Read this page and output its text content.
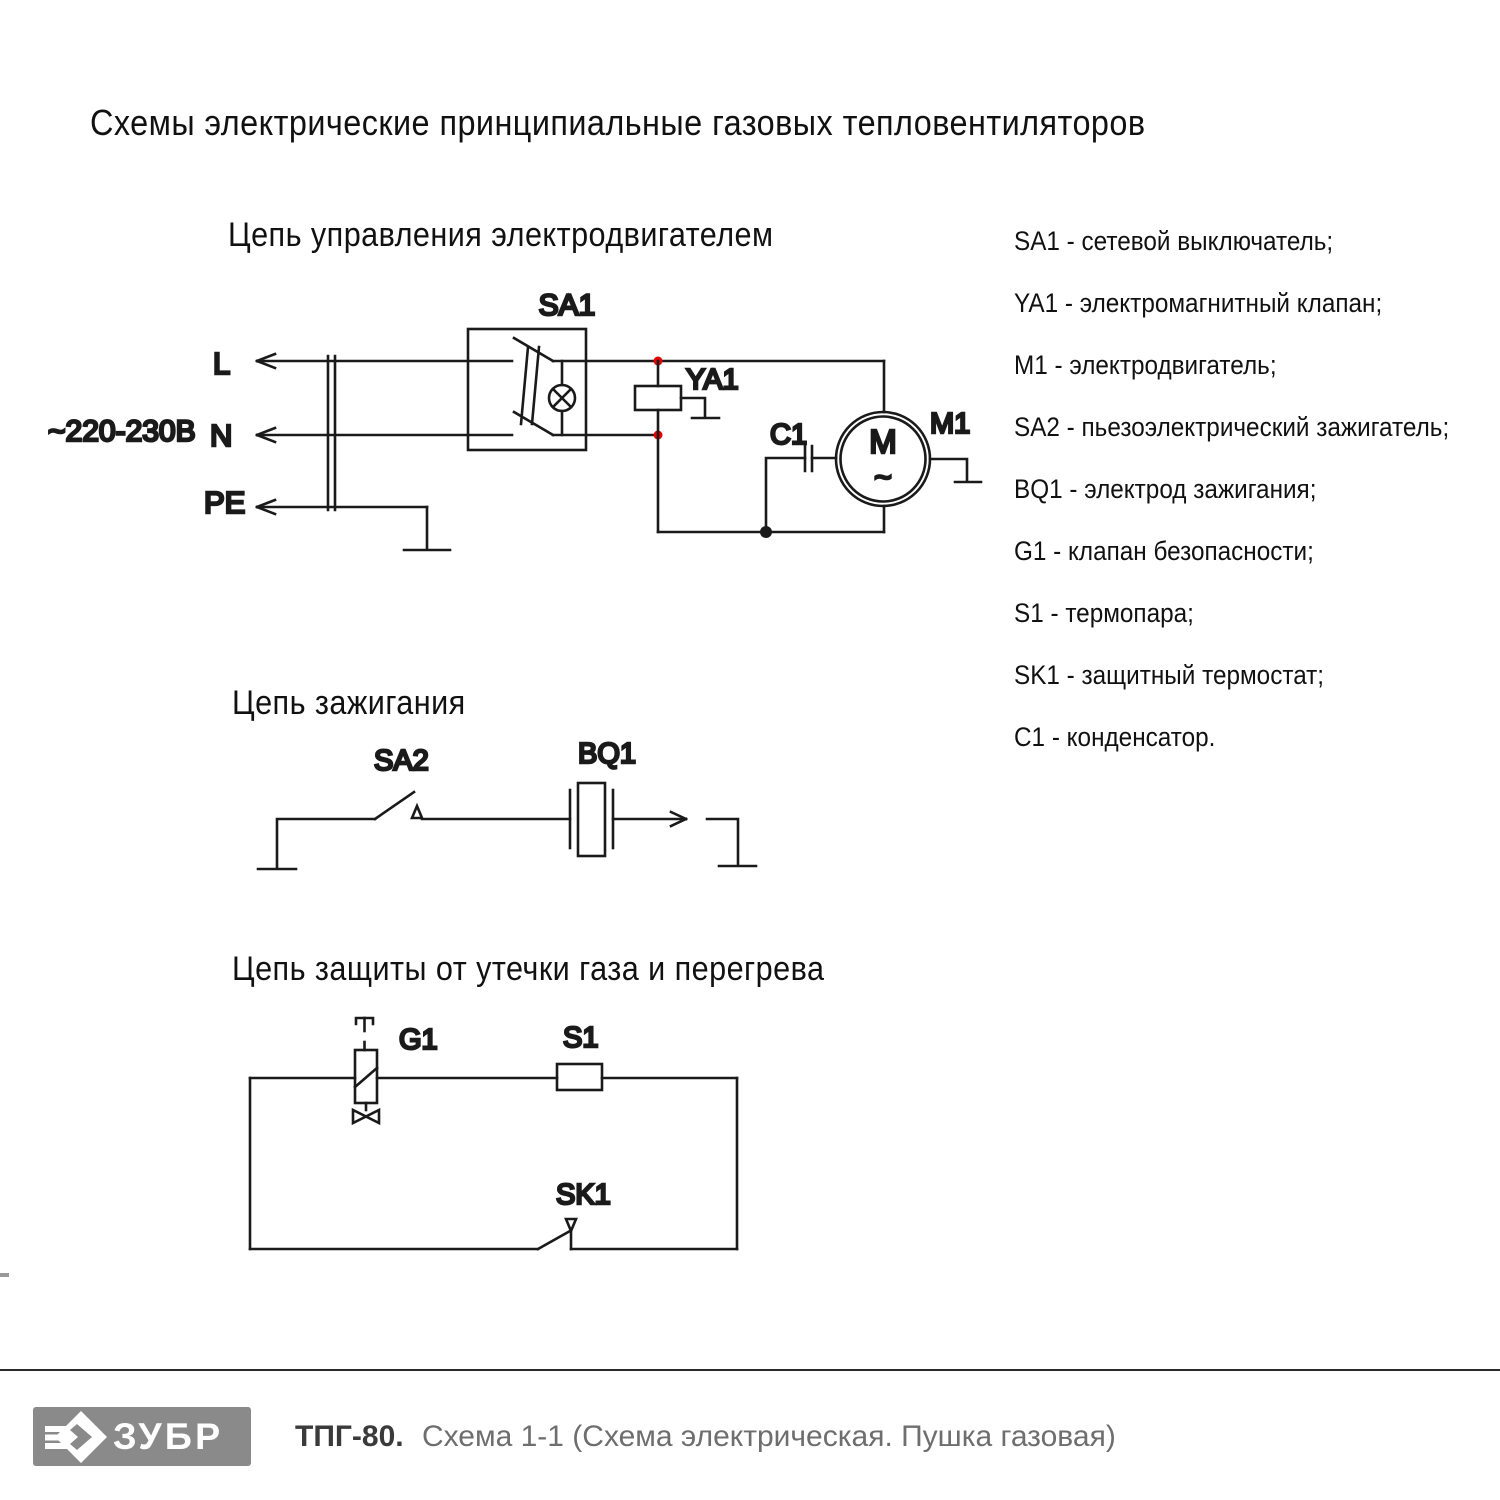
Схемы электрические принципиальные газовых тепловентиляторов
Цепь управления электродвигателем
Цепь зажигания
Цепь защиты от утечки газа и перегрева
~220-230В
L
N
PE
SA1
YA1
C1 M
~
M1
SA2	BQ1
G1	S1
SK1
SA1 - сетевой выключатель;
YA1 - электромагнитный клапан;
M1 - электродвигатель;
SA2 - пьезоэлектрический зажигатель;
BQ1 - электрод зажигания;
G1 - клапан безопасности;
S1 - термопара;
SK1 - защитный термостат;
C1 - конденсатор.
ЗУБР ТПГ-80. Схема 1-1 (Схема электрическая. Пушка газовая)
